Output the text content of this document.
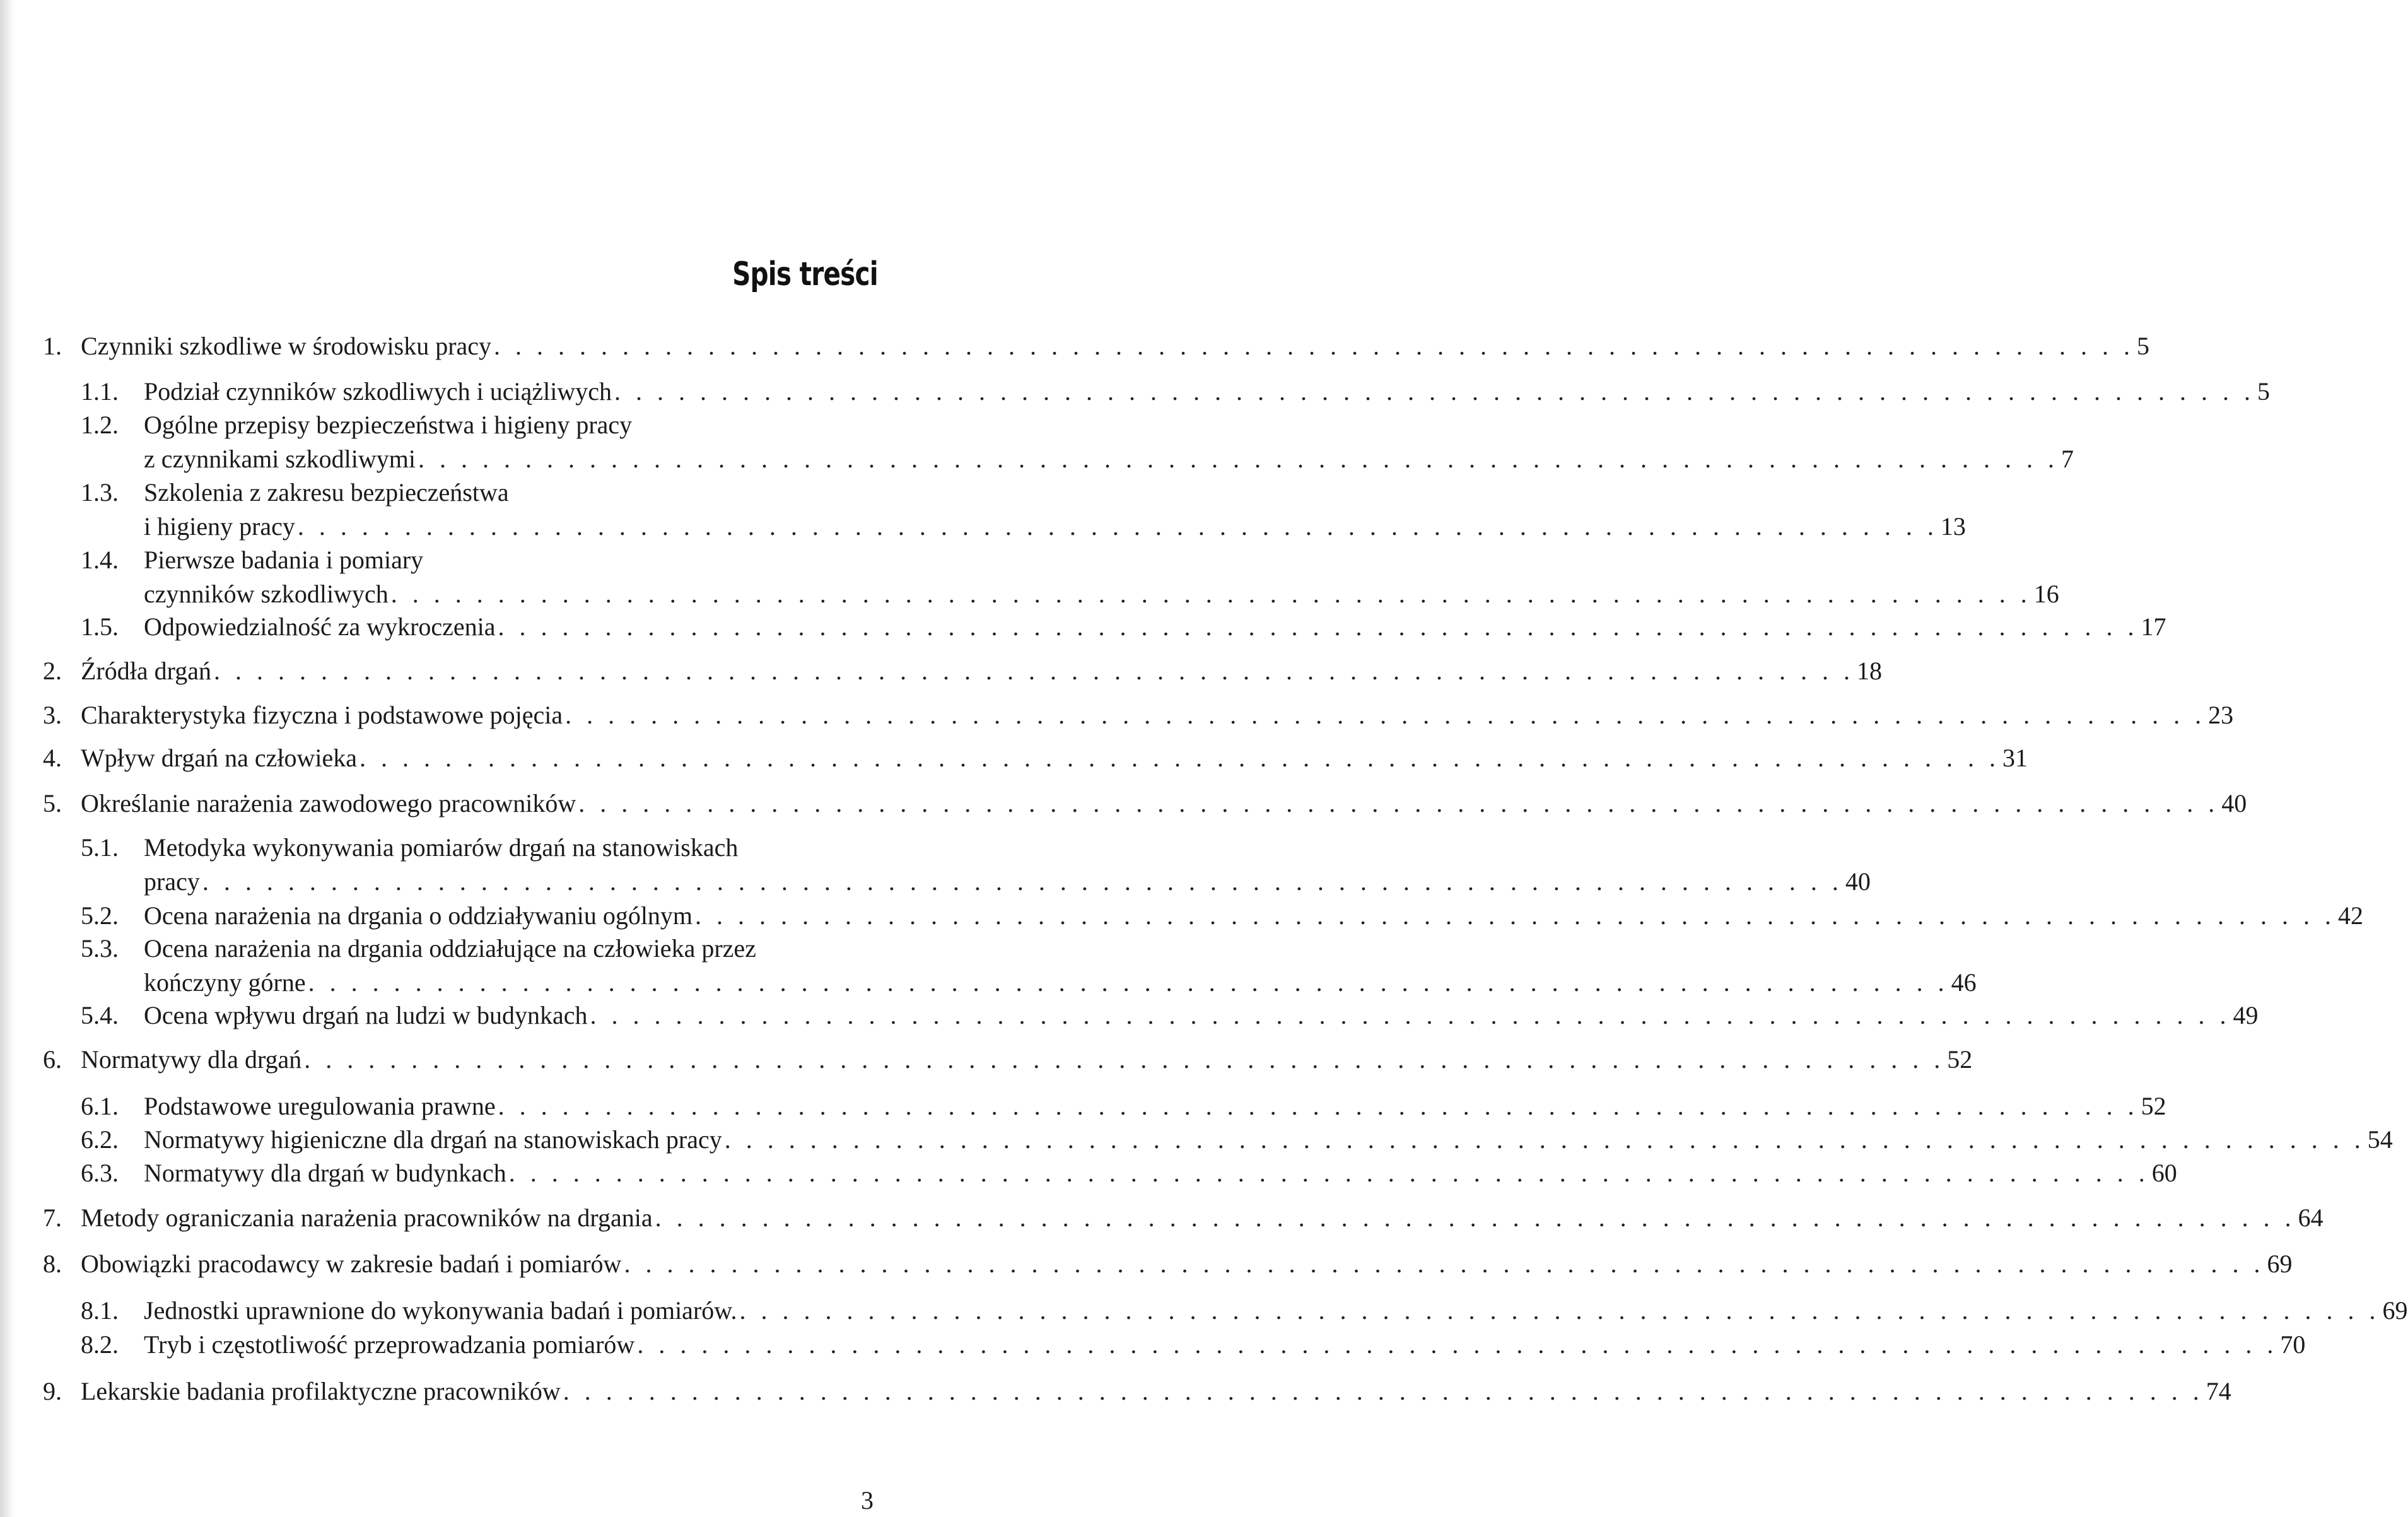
Spis treści
1. Czynniki szkodliwe w środowisku pracy . . . . . . . . . . . . . . . . . . . . . . . . . . . . . . . . . . . . . . . . . . . . . . . . . . . . . . . . . . . . . . . . . . . . . . . . . . . . . 5
1.1. Podział czynników szkodliwych i uciążliwych . . . . . . . . . . . . . . . . . . . . . . . . . . . . . . . . . . . . . . . . . . . . . . . . . . . . . . . . . . . . . . . . . . . . . . . . . . . . . 5
1.2. Ogólne przepisy bezpieczeństwa i higieny pracy
z czynnikami szkodliwymi . . . . . . . . . . . . . . . . . . . . . . . . . . . . . . . . . . . . . . . . . . . . . . . . . . . . . . . . . . . . . . . . . . . . . . . . . . . . . 7
1.3. Szkolenia z zakresu bezpieczeństwa
i higieny pracy . . . . . . . . . . . . . . . . . . . . . . . . . . . . . . . . . . . . . . . . . . . . . . . . . . . . . . . . . . . . . . . . . . . . . . . . . . . . . 13
1.4. Pierwsze badania i pomiary
czynników szkodliwych . . . . . . . . . . . . . . . . . . . . . . . . . . . . . . . . . . . . . . . . . . . . . . . . . . . . . . . . . . . . . . . . . . . . . . . . . . . . . 16
1.5. Odpowiedzialność za wykroczenia . . . . . . . . . . . . . . . . . . . . . . . . . . . . . . . . . . . . . . . . . . . . . . . . . . . . . . . . . . . . . . . . . . . . . . . . . . . . . 17
2. Źródła drgań . . . . . . . . . . . . . . . . . . . . . . . . . . . . . . . . . . . . . . . . . . . . . . . . . . . . . . . . . . . . . . . . . . . . . . . . . . . . . 18
3. Charakterystyka fizyczna i podstawowe pojęcia . . . . . . . . . . . . . . . . . . . . . . . . . . . . . . . . . . . . . . . . . . . . . . . . . . . . . . . . . . . . . . . . . . . . . . . . . . . . . 23
4. Wpływ drgań na człowieka . . . . . . . . . . . . . . . . . . . . . . . . . . . . . . . . . . . . . . . . . . . . . . . . . . . . . . . . . . . . . . . . . . . . . . . . . . . . . 31
5. Określanie narażenia zawodowego pracowników . . . . . . . . . . . . . . . . . . . . . . . . . . . . . . . . . . . . . . . . . . . . . . . . . . . . . . . . . . . . . . . . . . . . . . . . . . . . . 40
5.1. Metodyka wykonywania pomiarów drgań na stanowiskach
pracy . . . . . . . . . . . . . . . . . . . . . . . . . . . . . . . . . . . . . . . . . . . . . . . . . . . . . . . . . . . . . . . . . . . . . . . . . . . . . 40
5.2. Ocena narażenia na drgania o oddziaływaniu ogólnym . . . . . . . . . . . . . . . . . . . . . . . . . . . . . . . . . . . . . . . . . . . . . . . . . . . . . . . . . . . . . . . . . . . . . . . . . . . . . 42
5.3. Ocena narażenia na drgania oddziałujące na człowieka przez
kończyny górne . . . . . . . . . . . . . . . . . . . . . . . . . . . . . . . . . . . . . . . . . . . . . . . . . . . . . . . . . . . . . . . . . . . . . . . . . . . . . 46
5.4. Ocena wpływu drgań na ludzi w budynkach . . . . . . . . . . . . . . . . . . . . . . . . . . . . . . . . . . . . . . . . . . . . . . . . . . . . . . . . . . . . . . . . . . . . . . . . . . . . . 49
6. Normatywy dla drgań . . . . . . . . . . . . . . . . . . . . . . . . . . . . . . . . . . . . . . . . . . . . . . . . . . . . . . . . . . . . . . . . . . . . . . . . . . . . . 52
6.1. Podstawowe uregulowania prawne . . . . . . . . . . . . . . . . . . . . . . . . . . . . . . . . . . . . . . . . . . . . . . . . . . . . . . . . . . . . . . . . . . . . . . . . . . . . . 52
6.2. Normatywy higieniczne dla drgań na stanowiskach pracy . . . . . . . . . . . . . . . . . . . . . . . . . . . . . . . . . . . . . . . . . . . . . . . . . . . . . . . . . . . . . . . . . . . . . . . . . . . . . 54
6.3. Normatywy dla drgań w budynkach . . . . . . . . . . . . . . . . . . . . . . . . . . . . . . . . . . . . . . . . . . . . . . . . . . . . . . . . . . . . . . . . . . . . . . . . . . . . . 60
7. Metody ograniczania narażenia pracowników na drgania . . . . . . . . . . . . . . . . . . . . . . . . . . . . . . . . . . . . . . . . . . . . . . . . . . . . . . . . . . . . . . . . . . . . . . . . . . . . . 64
8. Obowiązki pracodawcy w zakresie badań i pomiarów . . . . . . . . . . . . . . . . . . . . . . . . . . . . . . . . . . . . . . . . . . . . . . . . . . . . . . . . . . . . . . . . . . . . . . . . . . . . . 69
8.1. Jednostki uprawnione do wykonywania badań i pomiarów. . . . . . . . . . . . . . . . . . . . . . . . . . . . . . . . . . . . . . . . . . . . . . . . . . . . . . . . . . . . . . . . . . . . . . . . . . . . . . 69
8.2. Tryb i częstotliwość przeprowadzania pomiarów . . . . . . . . . . . . . . . . . . . . . . . . . . . . . . . . . . . . . . . . . . . . . . . . . . . . . . . . . . . . . . . . . . . . . . . . . . . . . 70
9. Lekarskie badania profilaktyczne pracowników . . . . . . . . . . . . . . . . . . . . . . . . . . . . . . . . . . . . . . . . . . . . . . . . . . . . . . . . . . . . . . . . . . . . . . . . . . . . . 74
3
